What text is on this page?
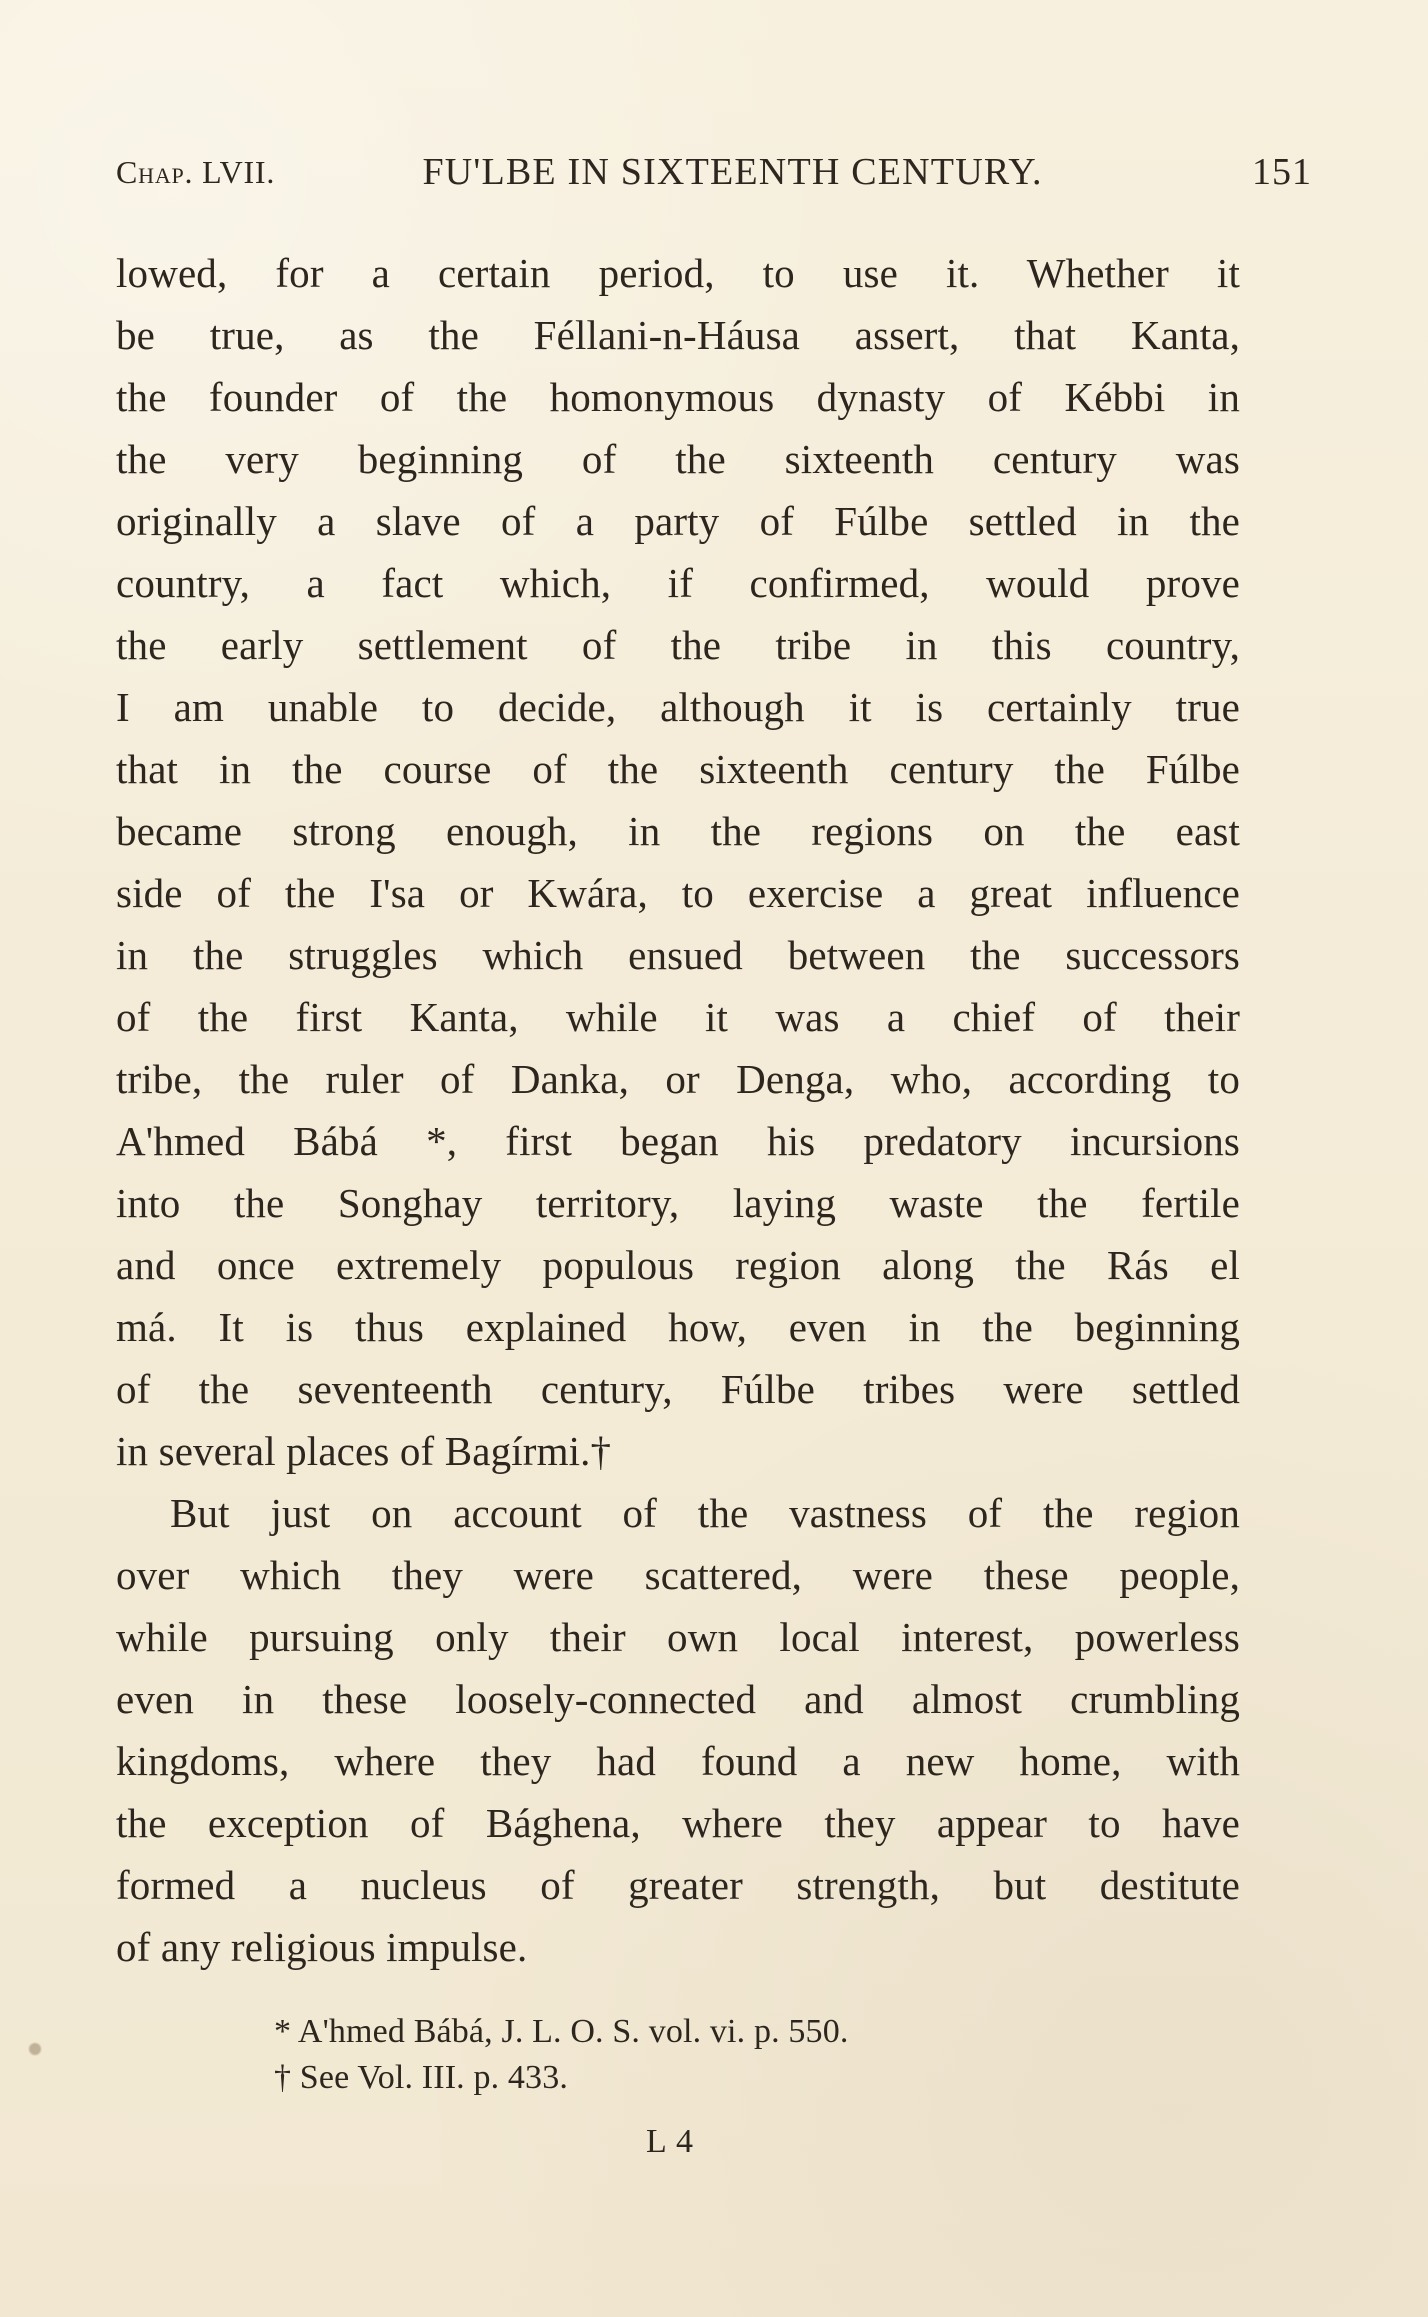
Chap. LVII.	FU'LBE IN SIXTEENTH CENTURY.	151
lowed, for a certain period, to use it. Whether it
be true, as the Féllani-n-Háusa assert, that Kanta,
the founder of the homonymous dynasty of Kébbi in
the very beginning of the sixteenth century was
originally a slave of a party of Fúlbe settled in the
country, a fact which, if confirmed, would prove
the early settlement of the tribe in this country,
I am unable to decide, although it is certainly true
that in the course of the sixteenth century the Fúlbe
became strong enough, in the regions on the east
side of the I'sa or Kwára, to exercise a great influence
in the struggles which ensued between the successors
of the first Kanta, while it was a chief of their
tribe, the ruler of Danka, or Denga, who, according to
A'hmed Bábá *, first began his predatory incursions
into the Songhay territory, laying waste the fertile
and once extremely populous region along the Rás el
má. It is thus explained how, even in the beginning
of the seventeenth century, Fúlbe tribes were settled
in several places of Bagírmi.†
But just on account of the vastness of the region
over which they were scattered, were these people,
while pursuing only their own local interest, powerless
even in these loosely-connected and almost crumbling
kingdoms, where they had found a new home, with
the exception of Bághena, where they appear to have
formed a nucleus of greater strength, but destitute
of any religious impulse.
* A'hmed Bábá, J. L. O. S. vol. vi. p. 550.
† See Vol. III. p. 433.
L 4
